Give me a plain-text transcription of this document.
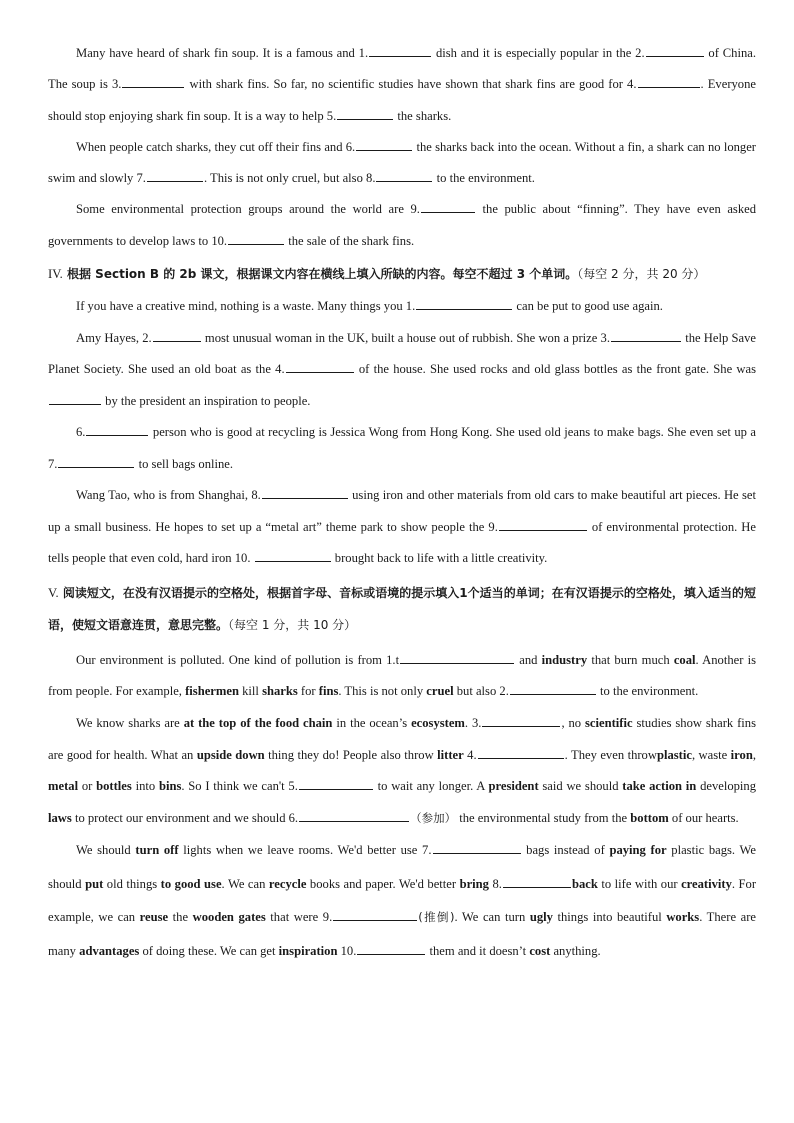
Many have heard of shark fin soup. It is a famous and 1.	dish and it is especially popular in the 2.	of China. The soup is 3.	with shark fins. So far, no scientific studies have shown that shark fins are good for 4.	. Everyone should stop enjoying shark fin soup. It is a way to help 5.	the sharks.

When people catch sharks, they cut off their fins and 6.	the sharks back into the ocean. Without a fin, a shark can no longer swim and slowly 7.	. This is not only cruel, but also 8.	to the environment.

Some environmental protection groups around the world are 9.	the public about “finning”. They have even asked governments to develop laws to 10.	the sale of the shark fins.

IV. 根据 Section B 的 2b 课文，根据课文内容在横线上填入所缺的内容。每空不超过 3 个单词。（每空 2 分，共 20 分）

If you have a creative mind, nothing is a waste. Many things you 1.	can be put to good use again.

Amy Hayes, 2.	most unusual woman in the UK, built a house out of rubbish. She won a prize 3.	the Help Save Planet Society. She used an old boat as the 4.	of the house. She used rocks and old glass bottles as the front gate. She was  by the president an inspiration to people.

6.	person who is good at recycling is Jessica Wong from Hong Kong. She used old jeans to make bags. She even set up a 7.	to sell bags online.

Wang Tao, who is from Shanghai, 8.	using iron and other materials from old cars to make beautiful art pieces. He set up a small business. He hopes to set up a “metal art” theme park to show people the 9.	of environmental protection. He tells people that even cold, hard iron 10.	brought back to life with a little creativity.

V. 阅读短文，在没有汉语提示的空格处，根据首字母、音标或语境的提示填入1个适当的单词；在有汉语提示的空格处，填入适当的短语，使短文语意连贯，意思完整。（每空 1 分，共 10 分）

Our environment is polluted. One kind of pollution is from 1.t	and industry that burn much coal. Another is from people. For example, fishermen kill sharks for fins. This is not only cruel but also 2.	to the environment.

We know sharks are at the top of the food chain in the ocean’s ecosystem. 3.	, no scientific studies show shark fins are good for health. What an upside down thing they do! People also throw litter 4.	. They even throwplastic, waste iron, metal or bottles into bins. So I think we can't 5.	to wait any longer. A president said we should take action in developing laws to protect our environment and we should 6.	（参加） the environmental study from the bottom of our hearts.

We should turn off lights when we leave rooms. We'd better use 7.	bags instead of paying for plastic bags. We should put old things to good use. We can recycle books and paper. We'd better bring 8.	back to life with our creativity. For example, we can reuse the wooden gates that were 9.	(推倒). We can turn ugly things into beautiful works. There are many advantages of doing these. We can get inspiration 10.	them and it doesn’t cost anything.
